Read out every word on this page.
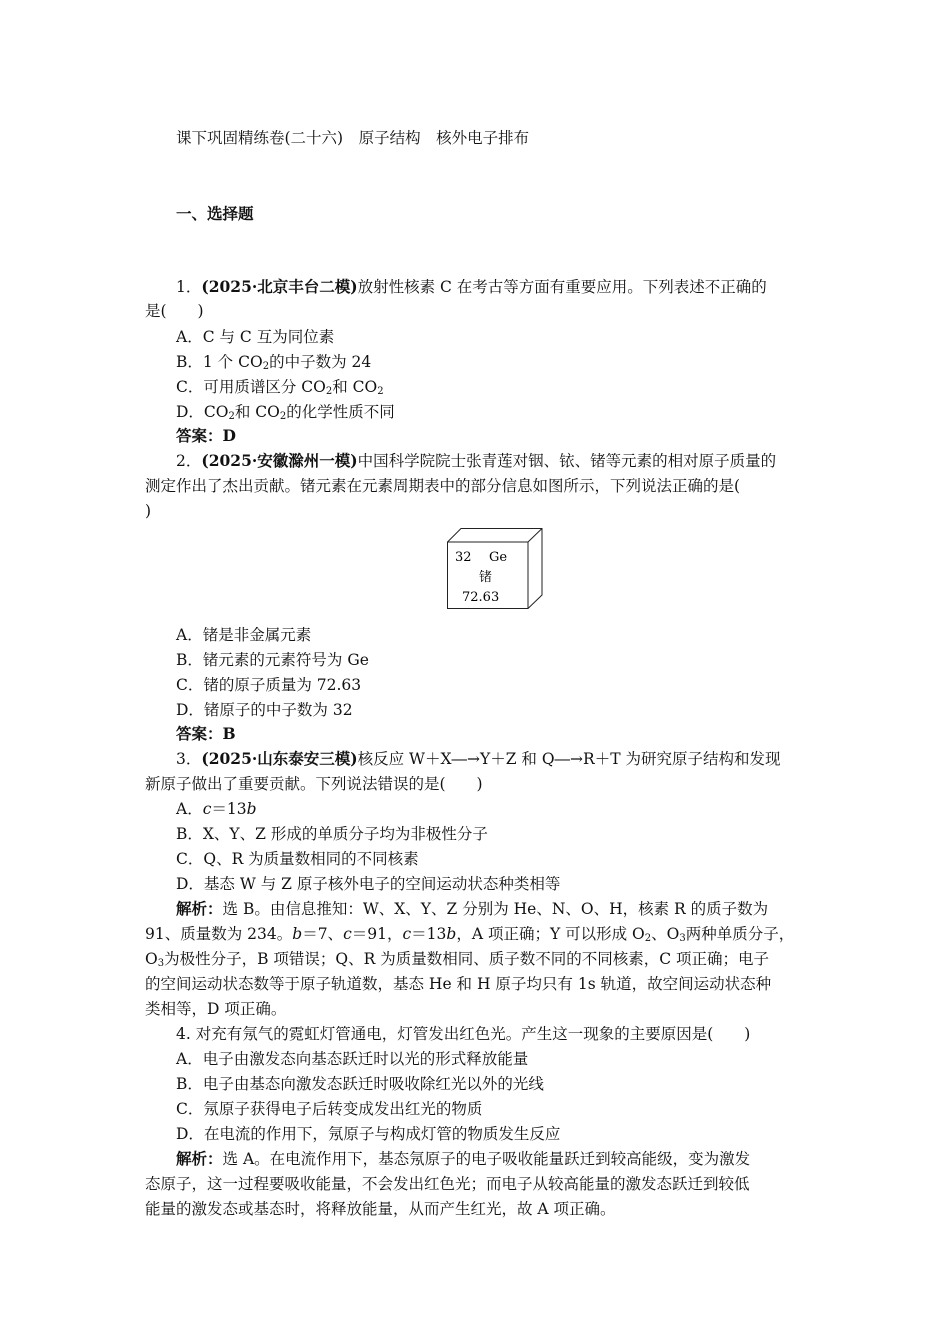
课下巩固精练卷(二十六)　原子结构　核外电子排布
一、选择题
1．(2025·北京丰台二模)放射性核素 C 在考古等方面有重要应用。下列表述不正确的
是(　　)
A．C 与 C 互为同位素
B．1 个 $CO_2$的中子数为 24
C．可用质谱区分 $CO_2$和 $CO_2$
D．$CO_2$和 $CO_2$的化学性质不同
答案：D
2．(2025·安徽滁州一模)中国科学院院士张青莲对铟、铱、锗等元素的相对原子质量的
测定作出了杰出贡献。锗元素在元素周期表中的部分信息如图所示，下列说法正确的是(
)
32 Ge
锗
72.63
A．锗是非金属元素
B．锗元素的元素符号为 Ge
C．锗的原子质量为 72.63
D．锗原子的中子数为 32
答案：B
3．(2025·山东泰安三模)核反应 W＋X―→Y＋Z 和 Q―→R＋T 为研究原子结构和发现
新原子做出了重要贡献。下列说法错误的是(　　)
A．c＝13b
B．X、Y、Z 形成的单质分子均为非极性分子
C．Q、R 为质量数相同的不同核素
D．基态 W 与 Z 原子核外电子的空间运动状态种类相等
解析：选 B。由信息推知：W、X、Y、Z 分别为 He、N、O、H，核素 R 的质子数为
91、质量数为 234。b＝7、c＝91，c＝13b，A 项正确；Y 可以形成 $O_2$、$O_3$两种单质分子，
$O_3$为极性分子，B 项错误；Q、R 为质量数相同、质子数不同的不同核素，C 项正确；电子
的空间运动状态数等于原子轨道数，基态 He 和 H 原子均只有 1s 轨道，故空间运动状态种
类相等，D 项正确。
4. 对充有氖气的霓虹灯管通电，灯管发出红色光。产生这一现象的主要原因是(　　)
A．电子由激发态向基态跃迁时以光的形式释放能量
B．电子由基态向激发态跃迁时吸收除红光以外的光线
C．氖原子获得电子后转变成发出红光的物质
D．在电流的作用下，氖原子与构成灯管的物质发生反应
解析：选 A。在电流作用下，基态氖原子的电子吸收能量跃迁到较高能级，变为激发
态原子，这一过程要吸收能量，不会发出红色光；而电子从较高能量的激发态跃迁到较低
能量的激发态或基态时，将释放能量，从而产生红光，故 A 项正确。
